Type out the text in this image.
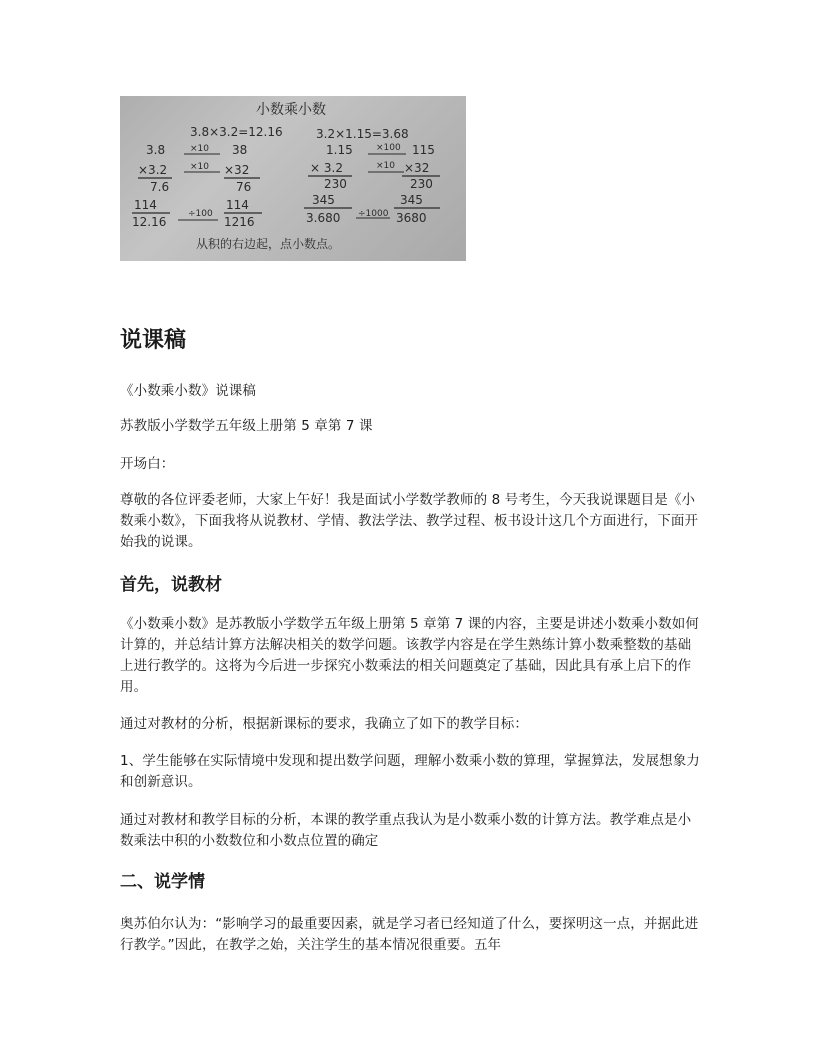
小数乘小数
3.8×3.2=12.16	3.2×1.15=3.68
3.8
×3.2
7.6
114
12.16
×10
×10
÷100
38
×32
76
114
1216
1.15
× 3.2
230
345
3.680
×100
×10
÷1000
115
×32
230
345
3680
从积的右边起，点小数点。
说课稿

《小数乘小数》说课稿

苏教版小学数学五年级上册第 5 章第 7 课

开场白：

尊敬的各位评委老师，大家上午好！我是面试小学数学教师的 8 号考生，今天我说课题目是《小数乘小数》，下面我将从说教材、学情、教法学法、教学过程、板书设计这几个方面进行，下面开始我的说课。

首先，说教材

《小数乘小数》是苏教版小学数学五年级上册第 5 章第 7 课的内容，主要是讲述小数乘小数如何计算的，并总结计算方法解决相关的数学问题。该教学内容是在学生熟练计算小数乘整数的基础上进行教学的。这将为今后进一步探究小数乘法的相关问题奠定了基础，因此具有承上启下的作用。

通过对教材的分析，根据新课标的要求，我确立了如下的教学目标：

1、学生能够在实际情境中发现和提出数学问题，理解小数乘小数的算理，掌握算法，发展想象力和创新意识。

通过对教材和教学目标的分析，本课的教学重点我认为是小数乘小数的计算方法。教学难点是小数乘法中积的小数数位和小数点位置的确定

二、说学情

奥苏伯尔认为：“影响学习的最重要因素，就是学习者已经知道了什么，要探明这一点，并据此进行教学。”因此，在教学之始，关注学生的基本情况很重要。五年
